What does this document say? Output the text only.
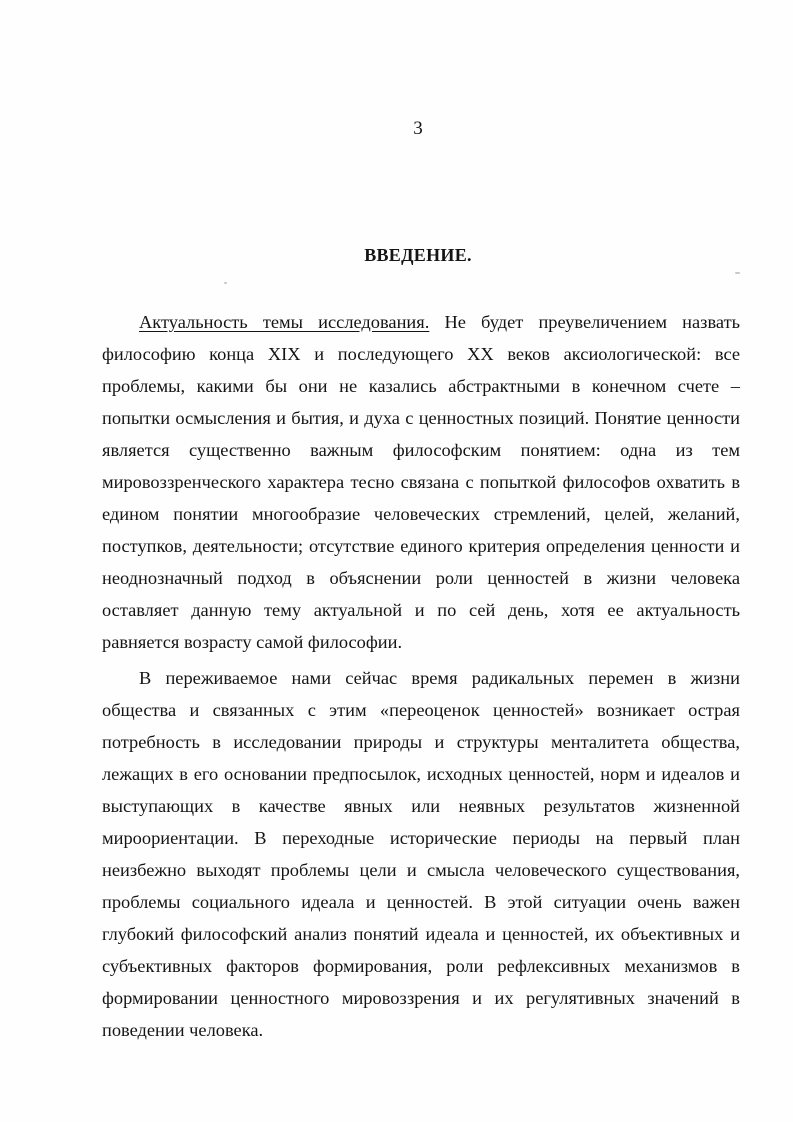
3
ВВЕДЕНИЕ.

Актуальность темы исследования. Не будет преувеличением назвать философию конца XIX и последующего XX веков аксиологической: все проблемы, какими бы они не казались абстрактными в конечном счете – попытки осмысления и бытия, и духа с ценностных позиций. Понятие ценности является существенно важным философским понятием: одна из тем мировоззренческого характера тесно связана с попыткой философов охватить в едином понятии многообразие человеческих стремлений, целей, желаний, поступков, деятельности; отсутствие единого критерия определения ценности и неоднозначный подход в объяснении роли ценностей в жизни человека оставляет данную тему актуальной и по сей день, хотя ее актуальность равняется возрасту самой философии.

В переживаемое нами сейчас время радикальных перемен в жизни общества и связанных с этим «переоценок ценностей» возникает острая потребность в исследовании природы и структуры менталитета общества, лежащих в его основании предпосылок, исходных ценностей, норм и идеалов и выступающих в качестве явных или неявных результатов жизненной мироориентации. В переходные исторические периоды на первый план неизбежно выходят проблемы цели и смысла человеческого существования, проблемы социального идеала и ценностей. В этой ситуации очень важен глубокий философский анализ понятий идеала и ценностей, их объективных и субъективных факторов формирования, роли рефлексивных механизмов в формировании ценностного мировоззрения и их регулятивных значений в поведении человека.
